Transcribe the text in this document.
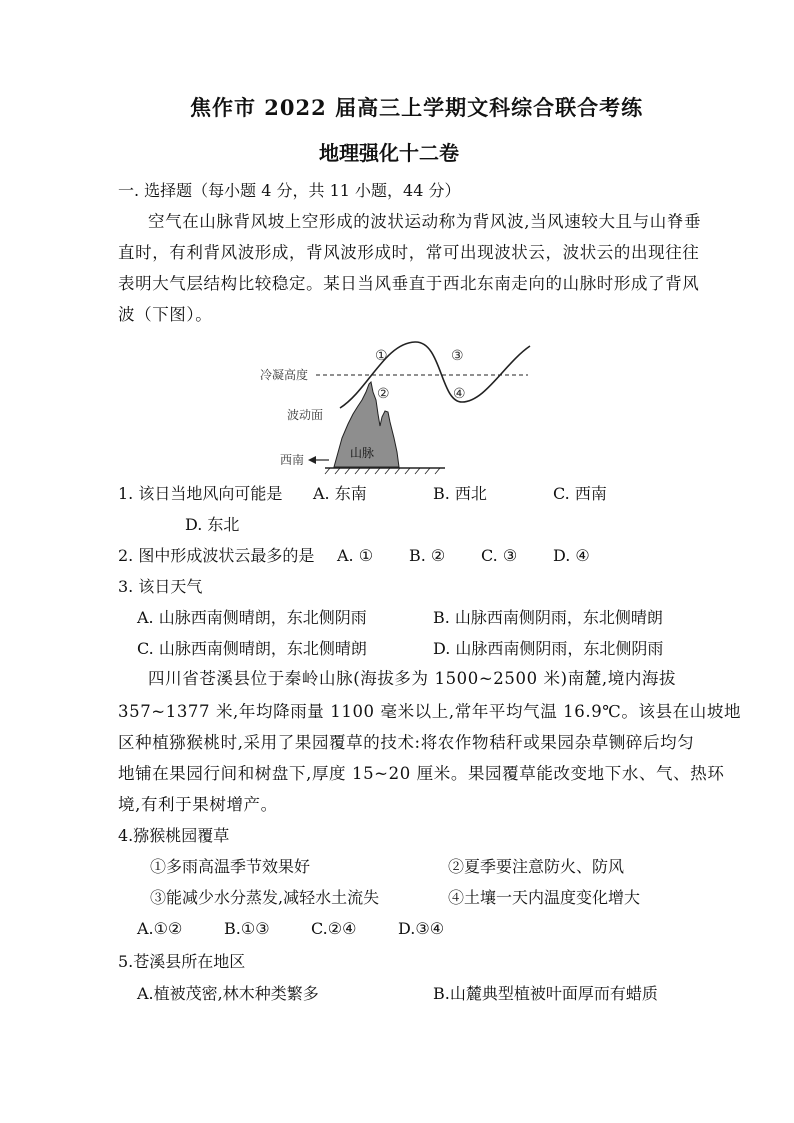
焦作市 2022 届高三上学期文科综合联合考练
地理强化十二卷
一. 选择题（每小题 4 分，共 11 小题，44 分）
空气在山脉背风坡上空形成的波状运动称为背风波,当风速较大且与山脊垂
直时，有利背风波形成，背风波形成时，常可出现波状云，波状云的出现往往
表明大气层结构比较稳定。某日当风垂直于西北东南走向的山脉时形成了背风
波（下图）。
冷凝高度
波动面
西南	山脉
①
②
③
④
1. 该日当地风向可能是 A. 东南	B. 西北	C. 西南
D. 东北
2. 图中形成波状云最多的是 A. ① B. ② C. ③ D. ④
3. 该日天气
A. 山脉西南侧晴朗，东北侧阴雨	B. 山脉西南侧阴雨，东北侧晴朗
C. 山脉西南侧晴朗，东北侧晴朗	D. 山脉西南侧阴雨，东北侧阴雨
四川省苍溪县位于秦岭山脉(海拔多为 1500~2500 米)南麓,境内海拔
357~1377 米,年均降雨量 1100 毫米以上,常年平均气温 16.9℃。该县在山坡地
区种植猕猴桃时,采用了果园覆草的技术:将农作物秸秆或果园杂草铡碎后均匀
地铺在果园行间和树盘下,厚度 15~20 厘米。果园覆草能改变地下水、气、热环
境,有利于果树增产。
4.猕猴桃园覆草
①多雨高温季节效果好	②夏季要注意防火、防风
③能减少水分蒸发,减轻水土流失	④土壤一天内温度变化增大
A.①②	B.①③	C.②④	D.③④
5.苍溪县所在地区
A.植被茂密,林木种类繁多	B.山麓典型植被叶面厚而有蜡质
